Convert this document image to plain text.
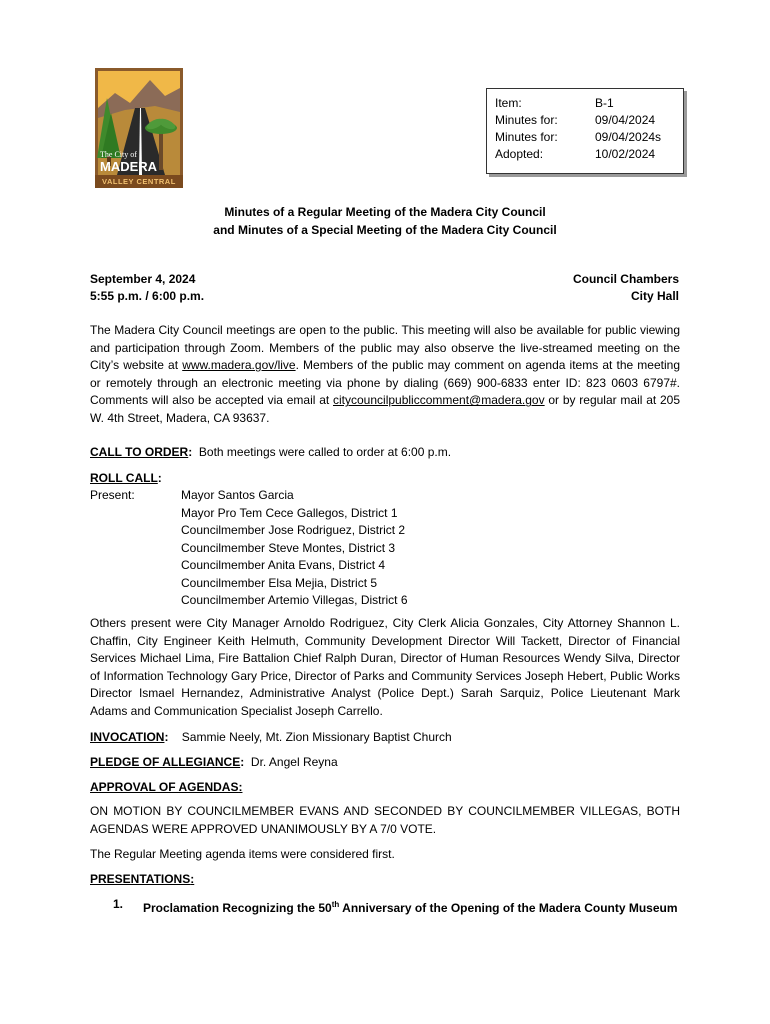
The City of
MADERA
VALLEY CENTRAL
Item:	B-1
Minutes for:	09/04/2024
Minutes for:	09/04/2024s
Adopted:	10/02/2024
Minutes of a Regular Meeting of the Madera City Council
and Minutes of a Special Meeting of the Madera City Council
September 4, 2024
5:55 p.m. / 6:00 p.m.
Council Chambers
City Hall
The Madera City Council meetings are open to the public. This meeting will also be available for public viewing and participation through Zoom. Members of the public may also observe the live-streamed meeting on the City’s website at www.madera.gov/live. Members of the public may comment on agenda items at the meeting or remotely through an electronic meeting via phone by dialing (669) 900-6833 enter ID: 823 0603 6797#. Comments will also be accepted via email at citycouncilpubliccomment@madera.gov or by regular mail at 205 W. 4th Street, Madera, CA 93637.
CALL TO ORDER: Both meetings were called to order at 6:00 p.m.
ROLL CALL:
Present:	Mayor Santos Garcia
Mayor Pro Tem Cece Gallegos, District 1
Councilmember Jose Rodriguez, District 2
Councilmember Steve Montes, District 3
Councilmember Anita Evans, District 4
Councilmember Elsa Mejia, District 5
Councilmember Artemio Villegas, District 6
Others present were City Manager Arnoldo Rodriguez, City Clerk Alicia Gonzales, City Attorney Shannon L. Chaffin, City Engineer Keith Helmuth, Community Development Director Will Tackett, Director of Financial Services Michael Lima, Fire Battalion Chief Ralph Duran, Director of Human Resources Wendy Silva, Director of Information Technology Gary Price, Director of Parks and Community Services Joseph Hebert, Public Works Director Ismael Hernandez, Administrative Analyst (Police Dept.) Sarah Sarquiz, Police Lieutenant Mark Adams and Communication Specialist Joseph Carrello.
INVOCATION: Sammie Neely, Mt. Zion Missionary Baptist Church
PLEDGE OF ALLEGIANCE: Dr. Angel Reyna
APPROVAL OF AGENDAS:
ON MOTION BY COUNCILMEMBER EVANS AND SECONDED BY COUNCILMEMBER VILLEGAS, BOTH AGENDAS WERE APPROVED UNANIMOUSLY BY A 7/0 VOTE.
The Regular Meeting agenda items were considered first.
PRESENTATIONS:
1. Proclamation Recognizing the 50th Anniversary of the Opening of the Madera County Museum
